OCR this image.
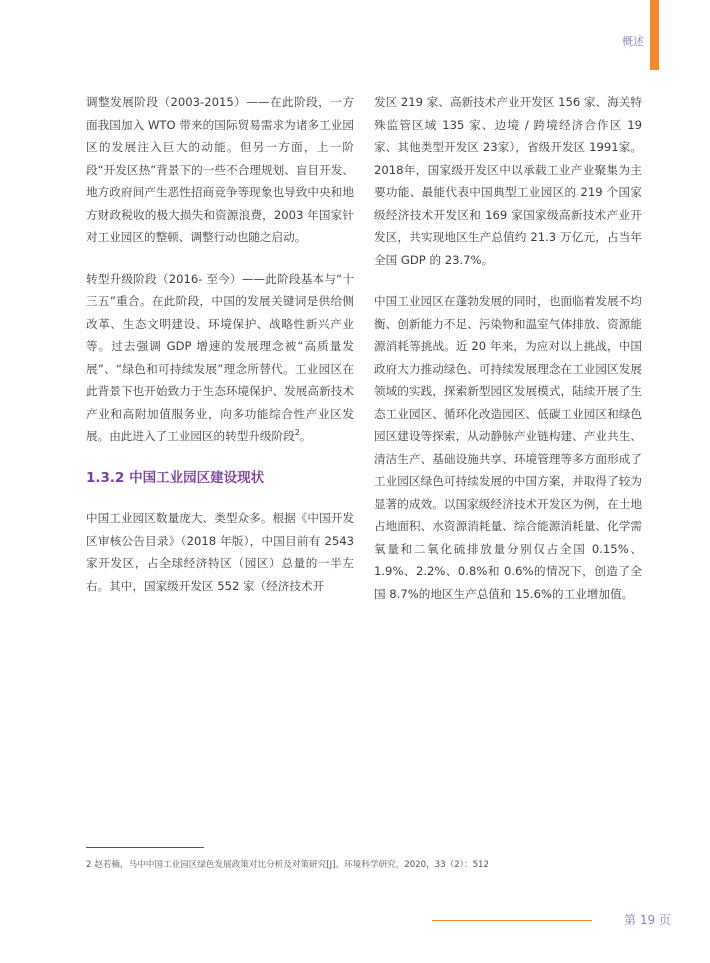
概述

调整发展阶段（2003-2015）——在此阶段，一方面我国加入 WTO 带来的国际贸易需求为诸多工业园区的发展注入巨大的动能。但另一方面，上一阶段“开发区热”背景下的一些不合理规划、盲目开发、地方政府间产生恶性招商竞争等现象也导致中央和地方财政税收的极大损失和资源浪费，2003 年国家针对工业园区的整顿、调整行动也随之启动。

转型升级阶段（2016- 至今）——此阶段基本与“十三五”重合。在此阶段，中国的发展关键词是供给侧改革、生态文明建设、环境保护、战略性新兴产业等。过去强调 GDP 增速的发展理念被“高质量发展”、“绿色和可持续发展”理念所替代。工业园区在此背景下也开始致力于生态环境保护、发展高新技术产业和高附加值服务业，向多功能综合性产业区发展。由此进入了工业园区的转型升级阶段$^2$。

1.3.2 中国工业园区建设现状

中国工业园区数量庞大、类型众多。根据《中国开发区审核公告目录》（2018 年版），中国目前有 2543 家开发区，占全球经济特区（园区）总量的一半左右。其中，国家级开发区 552 家（经济技术开

发区 219 家、高新技术产业开发区 156 家、海关特殊监管区域 135 家、边境 / 跨境经济合作区 19 家、其他类型开发区 23家），省级开发区 1991家。2018年，国家级开发区中以承载工业产业聚集为主要功能、最能代表中国典型工业园区的 219 个国家级经济技术开发区和 169 家国家级高新技术产业开发区，共实现地区生产总值约 21.3 万亿元，占当年全国 GDP 的 23.7%。

中国工业园区在蓬勃发展的同时，也面临着发展不均衡、创新能力不足、污染物和温室气体排放、资源能源消耗等挑战。近 20 年来，为应对以上挑战，中国政府大力推动绿色、可持续发展理念在工业园区发展领域的实践，探索新型园区发展模式，陆续开展了生态工业园区、循环化改造园区、低碳工业园区和绿色园区建设等探索，从动静脉产业链构建、产业共生、清洁生产、基础设施共享、环境管理等多方面形成了工业园区绿色可持续发展的中国方案，并取得了较为显著的成效。以国家级经济技术开发区为例，在土地占地面积、水资源消耗量、综合能源消耗量、化学需氧量和二氧化硫排放量分别仅占全国 0.15%、1.9%、2.2%、0.8%和 0.6%的情况下，创造了全国 8.7%的地区生产总值和 15.6%的工业增加值。

2 赵若楠，马中中国工业园区绿色发展政策对比分析及对策研究[J]。环境科学研究，2020，33（2）：512
第 19 页
